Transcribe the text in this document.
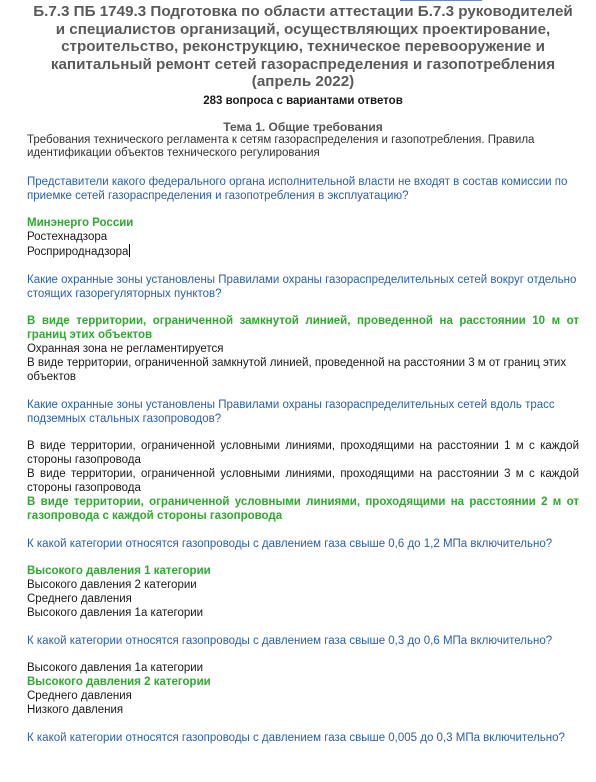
Б.7.3 ПБ 1749.3 Подготовка по области аттестации Б.7.3 руководителей и специалистов организаций, осуществляющих проектирование, строительство, реконструкцию, техническое перевооружение и капитальный ремонт сетей газораспределения и газопотребления (апрель 2022)
283 вопроса с вариантами ответов
Тема 1. Общие требования
Требования технического регламента к сетям газораспределения и газопотребления. Правила идентификации объектов технического регулирования
Представители какого федерального органа исполнительной власти не входят в состав комиссии по приемке сетей газораспределения и газопотребления в эксплуатацию?
Минэнерго России
Ростехнадзора
Росприроднадзора
Какие охранные зоны установлены Правилами охраны газораспределительных сетей вокруг отдельно стоящих газорегуляторных пунктов?
В виде территории, ограниченной замкнутой линией, проведенной на расстоянии 10 м от границ этих объектов
Охранная зона не регламентируется
В виде территории, ограниченной замкнутой линией, проведенной на расстоянии 3 м от границ этих объектов
Какие охранные зоны установлены Правилами охраны газораспределительных сетей вдоль трасс подземных стальных газопроводов?
В виде территории, ограниченной условными линиями, проходящими на расстоянии 1 м с каждой стороны газопровода
В виде территории, ограниченной условными линиями, проходящими на расстоянии 3 м с каждой стороны газопровода
В виде территории, ограниченной условными линиями, проходящими на расстоянии 2 м от газопровода с каждой стороны газопровода
К какой категории относятся газопроводы с давлением газа свыше 0,6 до 1,2 МПа включительно?
Высокого давления 1 категории
Высокого давления 2 категории
Среднего давления
Высокого давления 1а категории
К какой категории относятся газопроводы с давлением газа свыше 0,3 до 0,6 МПа включительно?
Высокого давления 1а категории
Высокого давления 2 категории
Среднего давления
Низкого давления
К какой категории относятся газопроводы с давлением газа свыше 0,005 до 0,3 МПа включительно?
